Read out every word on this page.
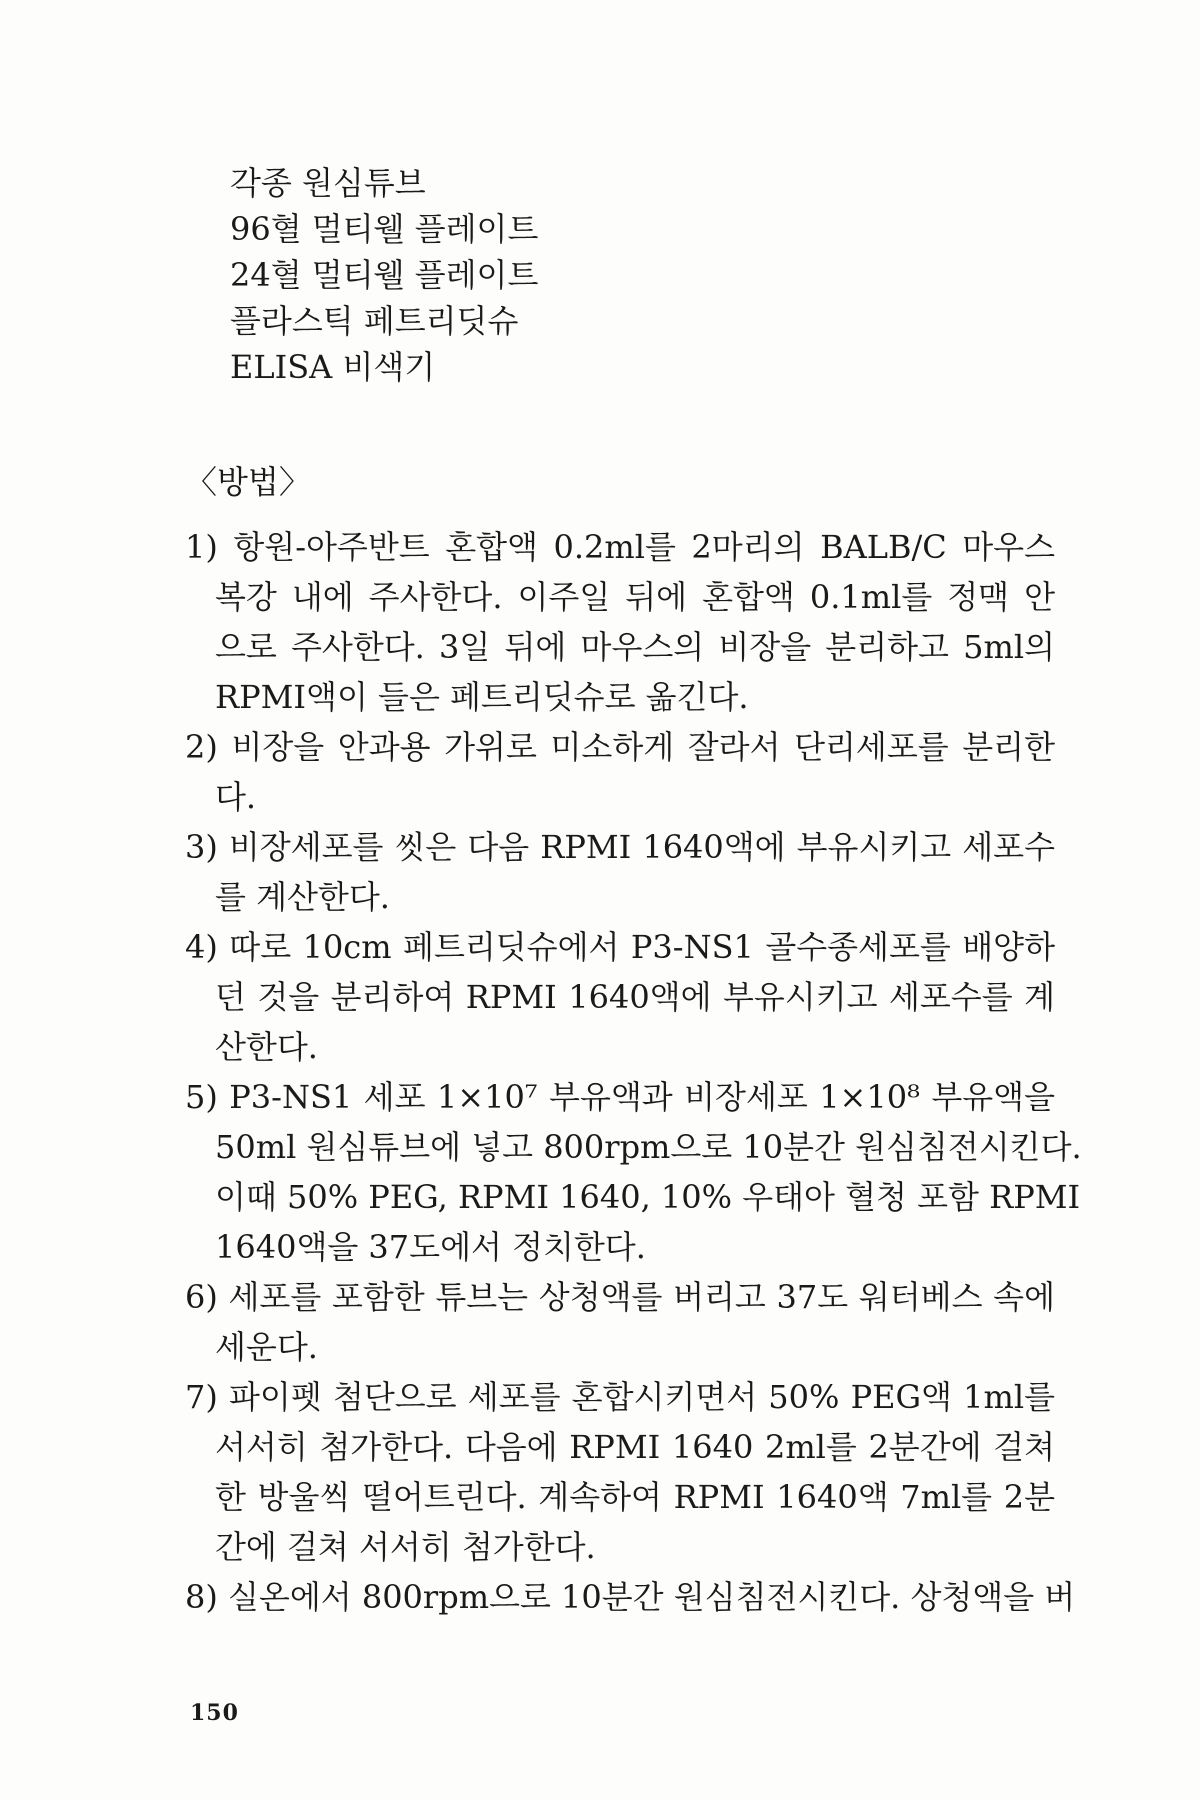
각종 원심튜브
96혈 멀티웰 플레이트
24혈 멀티웰 플레이트
플라스틱 페트리딧슈
ELISA 비색기
〈방법〉
1) 항원-아주반트 혼합액 0.2ml를 2마리의 BALB/C 마우스
복강 내에 주사한다. 이주일 뒤에 혼합액 0.1ml를 정맥 안
으로 주사한다. 3일 뒤에 마우스의 비장을 분리하고 5ml의
RPMI액이 들은 페트리딧슈로 옮긴다.
2) 비장을 안과용 가위로 미소하게 잘라서 단리세포를 분리한
다.
3) 비장세포를 씻은 다음 RPMI 1640액에 부유시키고 세포수
를 계산한다.
4) 따로 10cm 페트리딧슈에서 P3-NS1 골수종세포를 배양하
던 것을 분리하여 RPMI 1640액에 부유시키고 세포수를 계
산한다.
5) P3-NS1 세포 1×10⁷ 부유액과 비장세포 1×10⁸ 부유액을
50ml 원심튜브에 넣고 800rpm으로 10분간 원심침전시킨다.
이때 50% PEG, RPMI 1640, 10% 우태아 혈청 포함 RPMI
1640액을 37도에서 정치한다.
6) 세포를 포함한 튜브는 상청액를 버리고 37도 워터베스 속에
세운다.
7) 파이펫 첨단으로 세포를 혼합시키면서 50% PEG액 1ml를
서서히 첨가한다. 다음에 RPMI 1640 2ml를 2분간에 걸쳐
한 방울씩 떨어트린다. 계속하여 RPMI 1640액 7ml를 2분
간에 걸쳐 서서히 첨가한다.
8) 실온에서 800rpm으로 10분간 원심침전시킨다. 상청액을 버
150
